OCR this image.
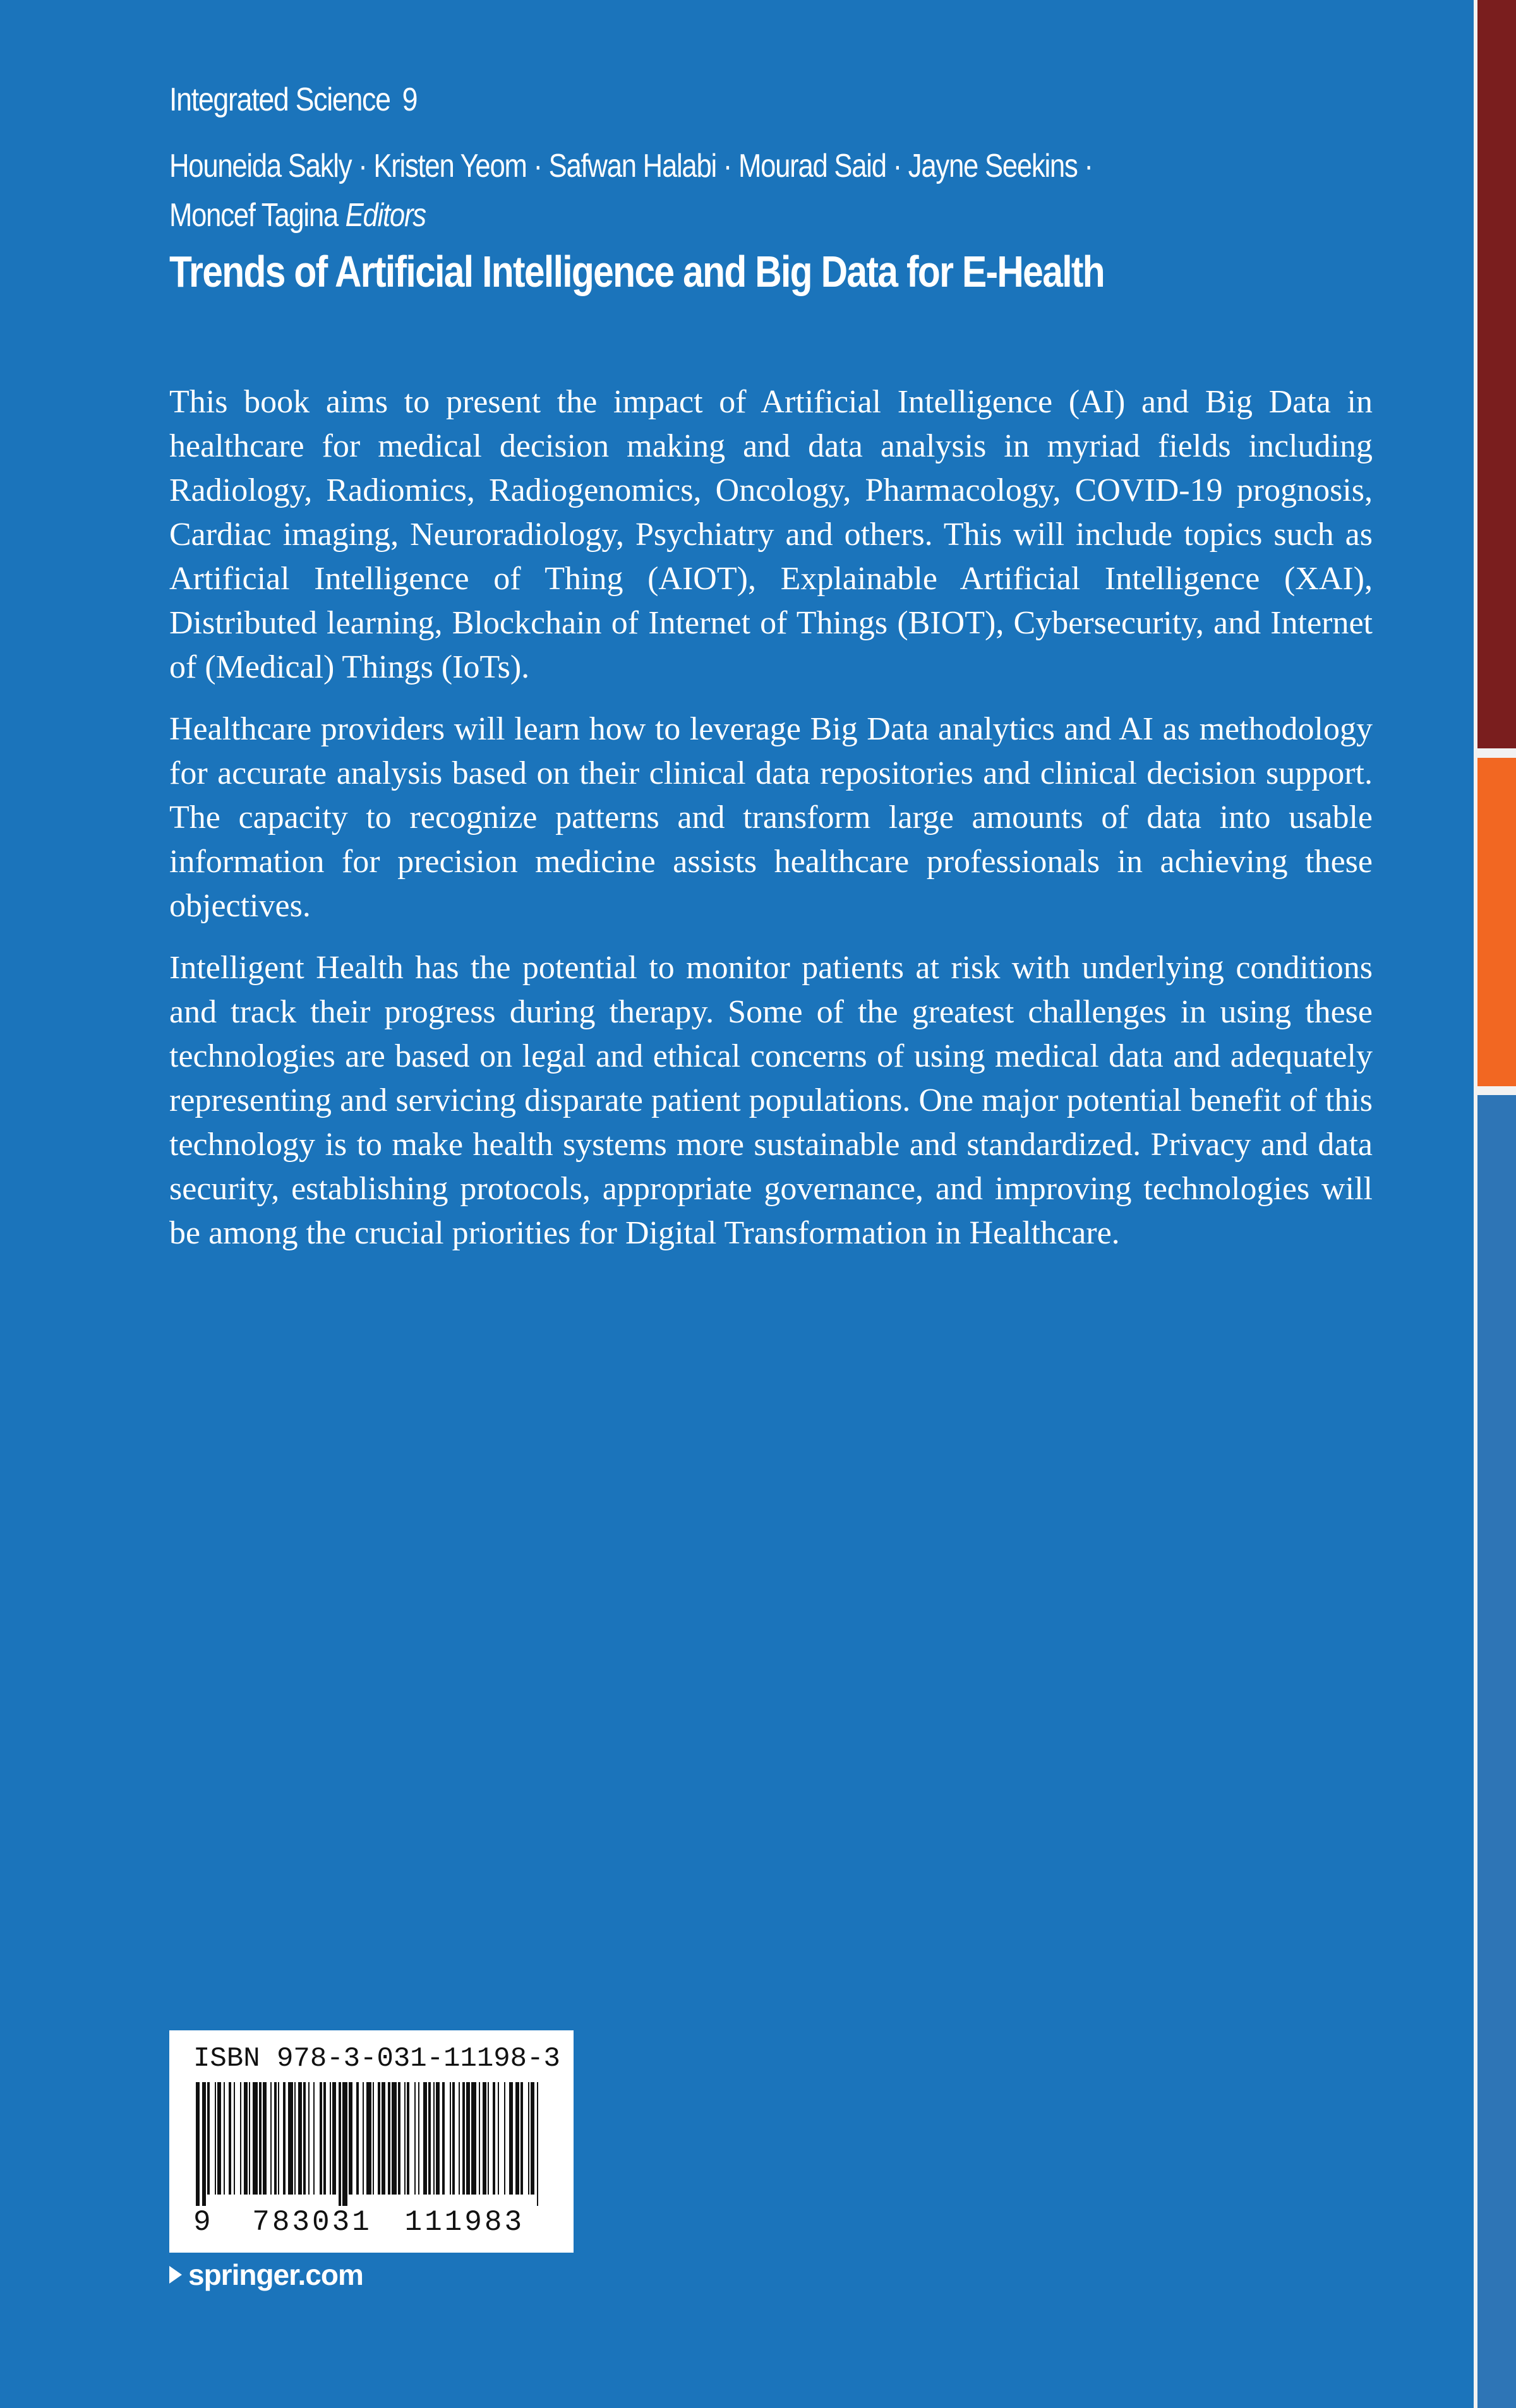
Integrated Science 9
Houneida Sakly · Kristen Yeom · Safwan Halabi · Mourad Said · Jayne Seekins ·
Moncef Tagina Editors
Trends of Artificial Intelligence and Big Data for E-Health

This book aims to present the impact of Artificial Intelligence (AI) and Big Data in healthcare for medical decision making and data analysis in myriad fields including Radiology, Radiomics, Radiogenomics, Oncology, Pharmacology, COVID-19 prognosis, Cardiac imaging, Neuroradiology, Psychiatry and others. This will include topics such as Artificial Intelligence of Thing (AIOT), Explainable Artificial Intelligence (XAI), Distributed learning, Blockchain of Internet of Things (BIOT), Cybersecurity, and Internet of (Medical) Things (IoTs).

Healthcare providers will learn how to leverage Big Data analytics and AI as methodology for accurate analysis based on their clinical data repositories and clinical decision support. The capacity to recognize patterns and transform large amounts of data into usable information for precision medicine assists healthcare professionals in achieving these objectives.

Intelligent Health has the potential to monitor patients at risk with underlying conditions and track their progress during therapy. Some of the greatest challenges in using these technologies are based on legal and ethical concerns of using medical data and adequately representing and servicing disparate patient populations. One major potential benefit of this technology is to make health systems more sustainable and standardized. Privacy and data security, establishing protocols, appropriate governance, and improving technologies will be among the crucial priorities for Digital Transformation in Healthcare.

ISBN 978-3-031-11198-3
9 783031 111983
springer.com
